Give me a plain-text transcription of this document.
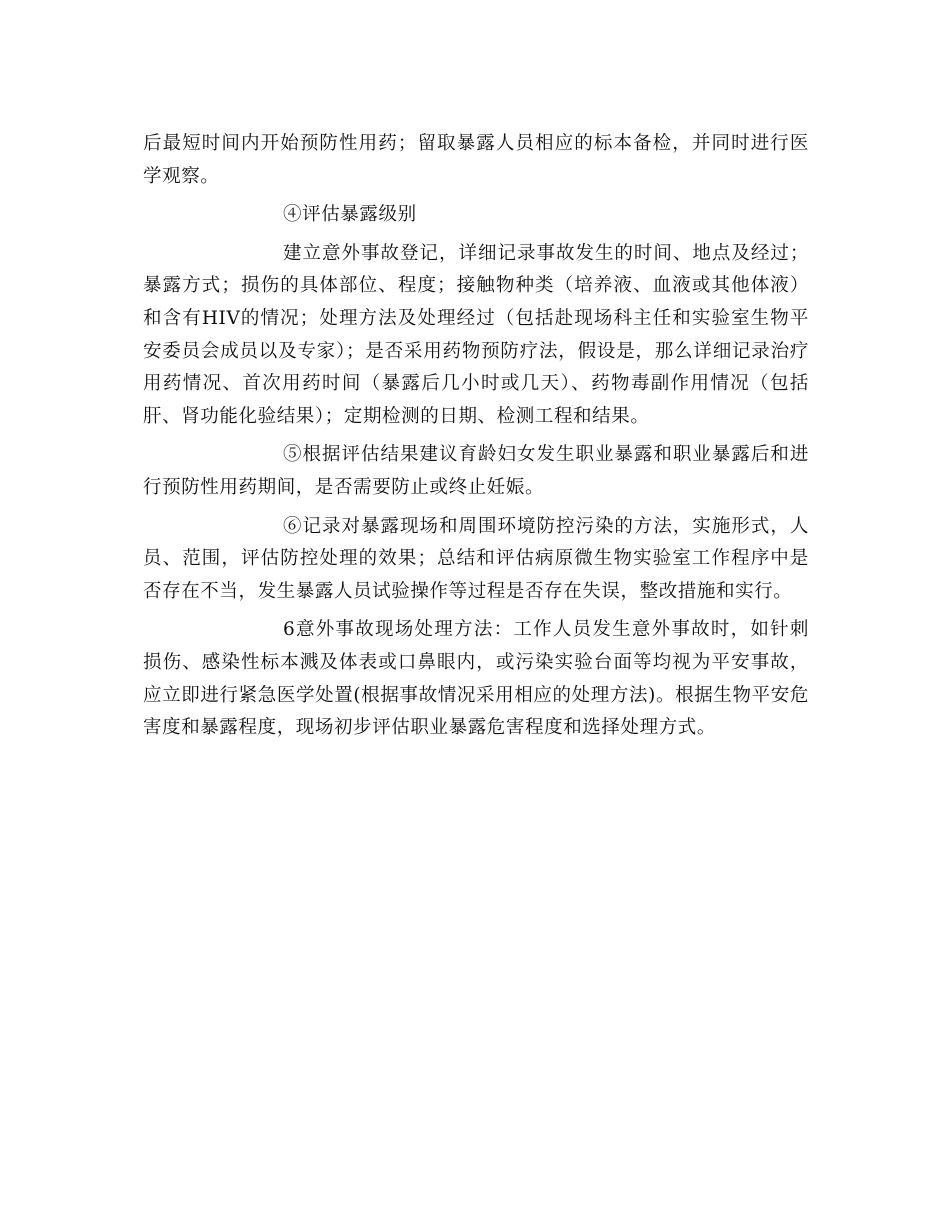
后最短时间内开始预防性用药；留取暴露人员相应的标本备检，并同时进行医学观察。

④评估暴露级别

建立意外事故登记，详细记录事故发生的时间、地点及经过；暴露方式；损伤的具体部位、程度；接触物种类（培养液、血液或其他体液）和含有HIV的情况；处理方法及处理经过（包括赴现场科主任和实验室生物平安委员会成员以及专家）；是否采用药物预防疗法，假设是，那么详细记录治疗用药情况、首次用药时间（暴露后几小时或几天）、药物毒副作用情况（包括肝、肾功能化验结果）；定期检测的日期、检测工程和结果。

⑤根据评估结果建议育龄妇女发生职业暴露和职业暴露后和进行预防性用药期间，是否需要防止或终止妊娠。

⑥记录对暴露现场和周围环境防控污染的方法，实施形式，人员、范围，评估防控处理的效果；总结和评估病原微生物实验室工作程序中是否存在不当，发生暴露人员试验操作等过程是否存在失误，整改措施和实行。

6意外事故现场处理方法：工作人员发生意外事故时，如针刺损伤、感染性标本溅及体表或口鼻眼内，或污染实验台面等均视为平安事故，应立即进行紧急医学处置(根据事故情况采用相应的处理方法)。根据生物平安危害度和暴露程度，现场初步评估职业暴露危害程度和选择处理方式。
